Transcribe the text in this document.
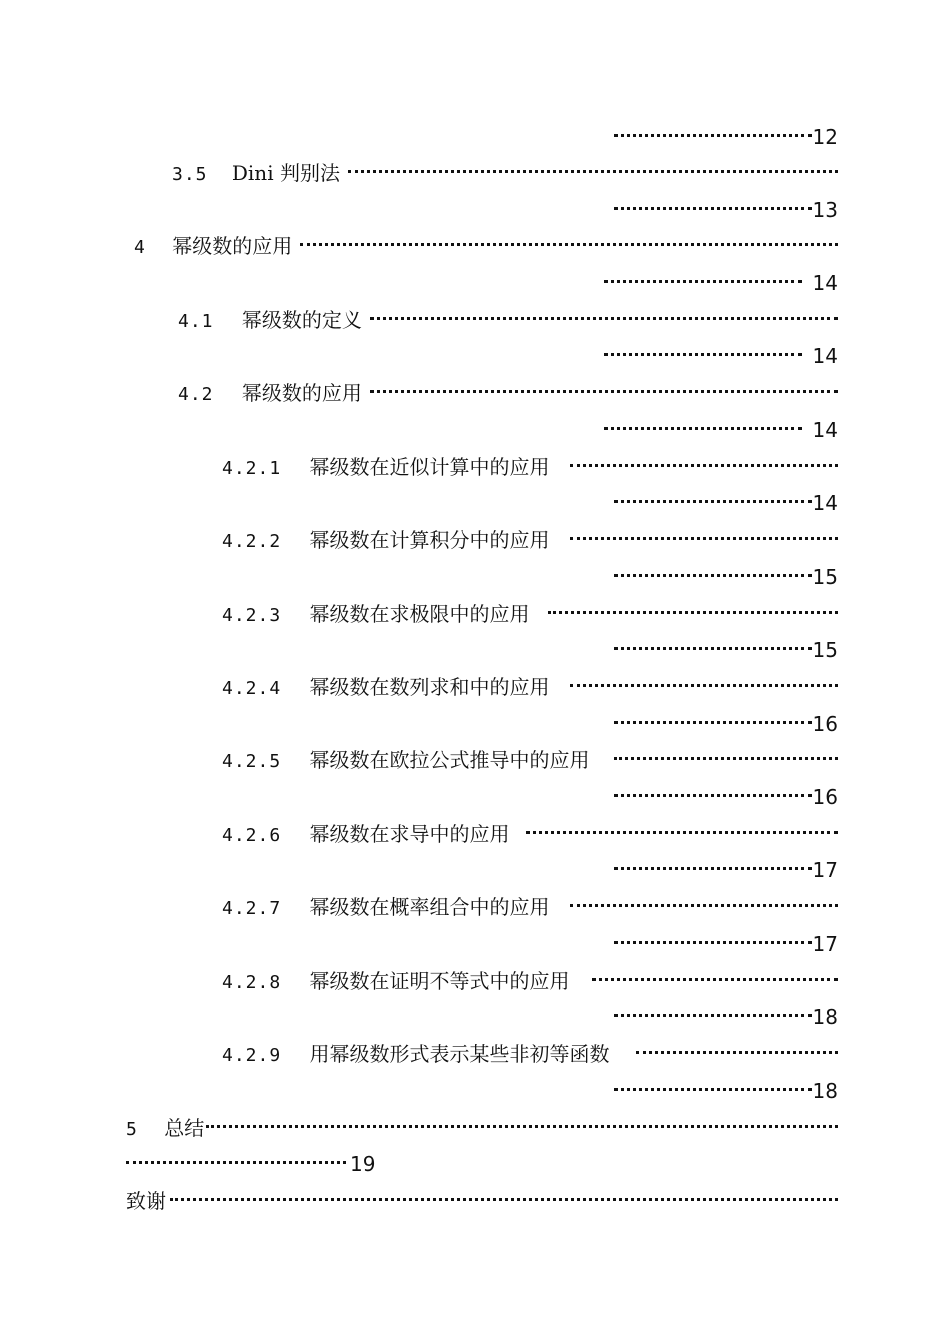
12
3.5 Dini 判别法
13
4 幂级数的应用
14
4.1 幂级数的定义
14
4.2 幂级数的应用
14
4.2.1 幂级数在近似计算中的应用
14
4.2.2 幂级数在计算积分中的应用
15
4.2.3 幂级数在求极限中的应用
15
4.2.4 幂级数在数列求和中的应用
16
4.2.5 幂级数在欧拉公式推导中的应用
16
4.2.6 幂级数在求导中的应用
17
4.2.7 幂级数在概率组合中的应用
17
4.2.8 幂级数在证明不等式中的应用
18
4.2.9 用幂级数形式表示某些非初等函数
18
5 总结
19
致谢
